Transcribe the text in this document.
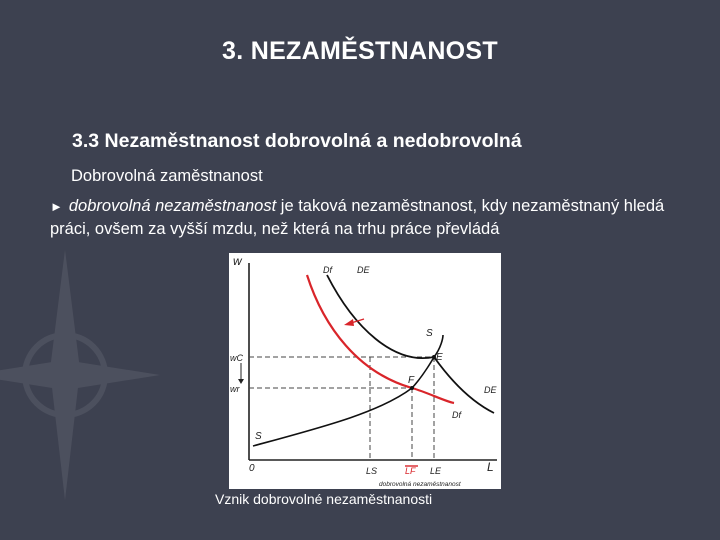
3. NEZAMĚSTNANOST
3.3 Nezaměstnanost dobrovolná a nedobrovolná
Dobrovolná zaměstnanost
► dobrovolná nezaměstnanost je taková nezaměstnanost, kdy nezaměstnaný hledá práci, ovšem za vyšší mzdu, než která na trhu práce převládá
w
L
0
wC
wr
Df	DE
DE
Df
S
S
E
F
LS	LF LE
dobrovolná nezaměstnanost
Vznik dobrovolné nezaměstnanosti
